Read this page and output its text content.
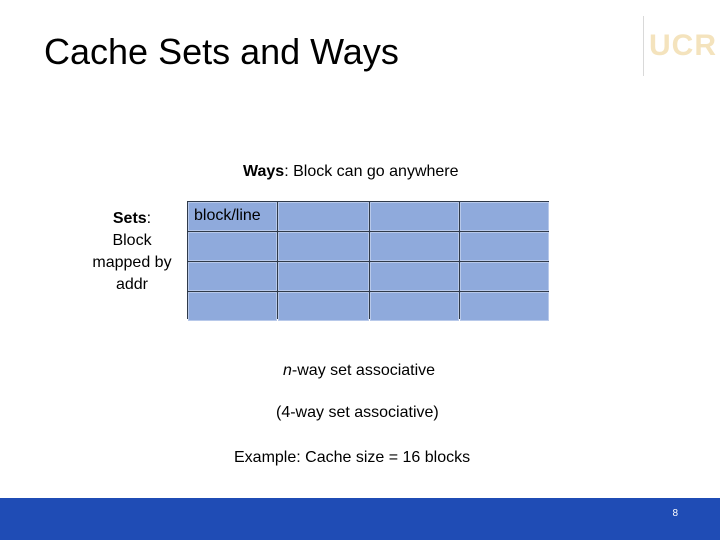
Cache Sets and Ways	UCR
Ways: Block can go anywhere
Sets: Block mapped by addr
block/line
n-way set associative
(4-way set associative)
Example: Cache size = 16 blocks
8
